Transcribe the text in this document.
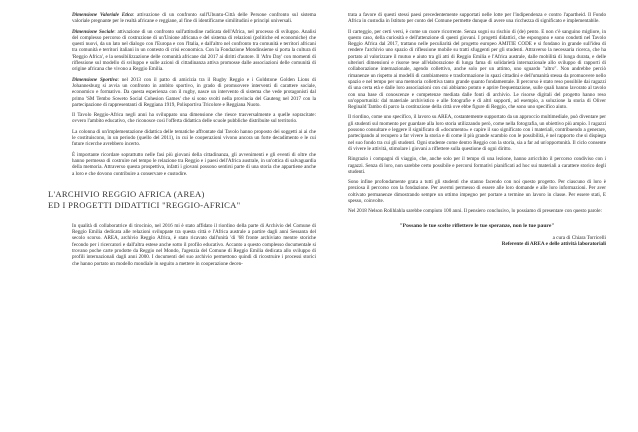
Dimensione Valoriale Etica: attivazione di un confronto sull'Ubuntu-Città delle Persone confronto sul sistema valoriale pregnante per le realtà africane e reggiane, al fine di identificarne similitudini e principi universali.

Dimensione Sociale: attivazione di un confronto sull'attitudine radicata dell'Africa, nel processo di sviluppo. Analisi del complesso percorso di costruzione di un'Unione africana e del sistema di relazioni (politiche ed economiche) che questi nuovi, da un lato nel dialogo con l'Europa e con l'Italia, e dall'altro nel confronto tra comunità e territori africani tra comunità e territori italiani in un contesto di crisi economica. Con la Fondazione Mondinsieme si porta la cultura di 'Reggio Africa', e la sensibilizzazione delle comunità africane dal 2017 ai diritti d'autore. Il 'Afro Day' con momenti di riflessione sul modello di sviluppo e sulle azioni di cittadinanza attiva promosse dalle associazioni delle comunità di origine africana che vivono a Reggio Emilia.

Dimensione Sportiva: nel 2013 con il patto di amicizia tra il Rugby Reggio e i Goldstone Golden Lions di Johannesburg si avvia un confronto in ambito sportivo, in grado di promuovere interventi di carattere sociale, economico e formativo. Da questa esperienza con il rugby, nasce un intervento di sistema che vede protagonisti dal primo 'SM Tembo Soweto Social Cohesion Games' che si sono svolti nella provincia del Gauteng nel 2017 con la partecipazione di rappresentanti di Reggiana 1919, Polisportiva Tricolore e Reggiana Nuoto.

Il Tavolo Reggio-Africa negli anni ha sviluppato una dimensione che riesce trasversalmente a quelle sopracitate: ovvero l'ambito educativo, che riconosce così l'offerta didattica delle scuole pubbliche distribuite sul territorio.

La colonna di un'implementazione didattica delle tematiche affrontate dal Tavolo hanno proposto dei soggetti ai ai che le costituiscono, in un periodo (quello del 2011), in cui le cooperazioni vivono ancora un forte decadimento e le cui future ricerche avrebbero incerto.

È importante ricordare soprattutto nelle fasi più giovani della cittadinanza, gli avvenimenti e gli eventi di oltre che hanno permesso di costruire nel tempo le relazione tra Reggio e i paesi dell'Africa australe, in un'ottica di salvaguardia della memoria. Attraverso questa prospettiva, infatti i giovani possono sentirsi parte di una storia che appartiene anche a loro e che dovono contribuire a conservare e custodire.

L'ARCHIVIO REGGIO AFRICA (AREA)
ED I PROGETTI DIDATTICI "REGGIO-AFRICA"

In qualità di collaboratrice di tirocinio, nel 2016 mi è stato affidato il riordino della parte di Archivio del Comune di Reggio Emilia dedicata alle relazioni sviluppate tra questa città e l'Africa australe a partire dagli anni Sessanta del secolo scorso. AREA, archivio Reggio Africa, è stato ricavato dall'unità 'di '68 fronte archiviato mentre storiche fecondo per i ricercatori e dall'altra estese anche sotto il profilo educativo. Accanto a questo complesso documentale si trovano poche carte prodotte da Reggio nel Mondo, l'agenzia del Comune di Reggio Emilia dedicata allo sviluppo di profili internazionali dagli anni 2000. I documenti del suo archivio permettono quindi di ricostruire i processi storici che hanno portato un modello mondiale in seguito a mettere in cooperazione decen-

trata a favore di questi stessi paesi precedentemente supportati nelle lotte per l'indipendenza e contro l'apartheid. Il Fondo Africa in custodia in Istituto per conto del Comune permette dunque di avere una ricchezza di significato e implementabile.

Il carteggio, per certi versi, è come un cuore ricorrente. Senza sogni su rischio di (de) pento. E non c'è sanguino migliore, in questo caso, della curiosità e dell'attenzione di questi giovani. I progetti didattici, che espongono e sono condotti nel Tavolo Reggio Africa dal 2017, trattano nelle peculiarità del progetto europeo AMITIE CODE e si fondano in grande sull'idea di rendere l'archivio uno spazio di riflessione mobile su tratti sfuggenti per gli studenti. Attraverso la necessaria ricerca, che ha portato al valorizzare il mutuo e aiuto tra gli atti di Reggio Emilia e l'Africa australe, dalle mobilità di lunga durata, e delle ulteriori dimensioni e risorse tese all'elaborazione di lunga fama di solidarietà internazionale allo sviluppo di rapporti di collaborazione internazionale, agendo collettivo, anche solo per un attimo, uno sguardo "altro". Non andrebbe perciò rimanenze un rispetto ai modelli di cambiamento e trasformazione in spazi cittadini e dell'umanità stessa da promuovere nello spazio e nel tempo per una memoria collettiva tanto grande quanto fondamentale. Il percorso è stato reso possibile dai ragazzi di una certa età e dalle loro associazioni con cui abbiamo potuto e aprire frequentazione, sulle quali hanno lavorato al tavolo con una base di conoscenze e competenze mediata dalle fonti di archivio. Le risorse digitali del progetto hanno reso un'opportunità: dal materiale archivistico e alle fotografie e di altri supporti, ad esempio, a soluzione la storia di Oliver Reginald Tambo di parco la costituzione della città ove ebbe figure di Reggio, che sono uno specifico aiuto.

Il riordino, come uno specifico, il lavoro su AREA, costantemente supportato da un approccio multimediale, può diventare per gli studenti sul momento per guardare alla loro storia utilizzando però, come nella fotografia, un obiettivo più ampio. I ragazzi possono consultare e leggere il significato di «documento» e capire il suo significato con i materiali, contribuendo a generare, partecipando al recupero a far vivere la storia e di come il più grande scambio con le possibilità, è nel rapporto che si dispiega nel suo fondo tra cui gli studenti. Ogni studente come dentro Reggio con la storia, sia a far ad un'opportunità. Il ciclo consente di vivere le attività, stimolare i giovani a riflettere sulla questione di ogni diritto.

Ringrazio i compagni di viaggio, che, anche solo per il tempo di una lezione, hanno arricchito il percorso condiviso con i ragazzi. Senza di loro, non sarebbe certo possibile e percorsi formativi pianificati ad hoc sui materiali a carattere storico degli studenti.

Sono infine profondamente grata a tutti gli studenti che stanno facendo con noi questo progetto. Per ciascuno di loro è preziosa il percorso con la fondazione. Per avermi permesso di essere alle loro domande e alle loro informazioni. Per aver coltivato permanenze dimostrando sempre un ottimo impegno per portare a termine un lavoro in classe. Per essere stati, E spesso, coinvolte.

Nel 2018 Nelson Rolihlahla sarebbe compiuto 100 anni. Il pensiero conclusivo, lo possiamo di presentare con questo parole:

"Possano le tue scelte riflettere le tue speranze, non le tue paure"

a cura di Chiara Torricelli

Referente di AREA e delle attività laboratoriali
